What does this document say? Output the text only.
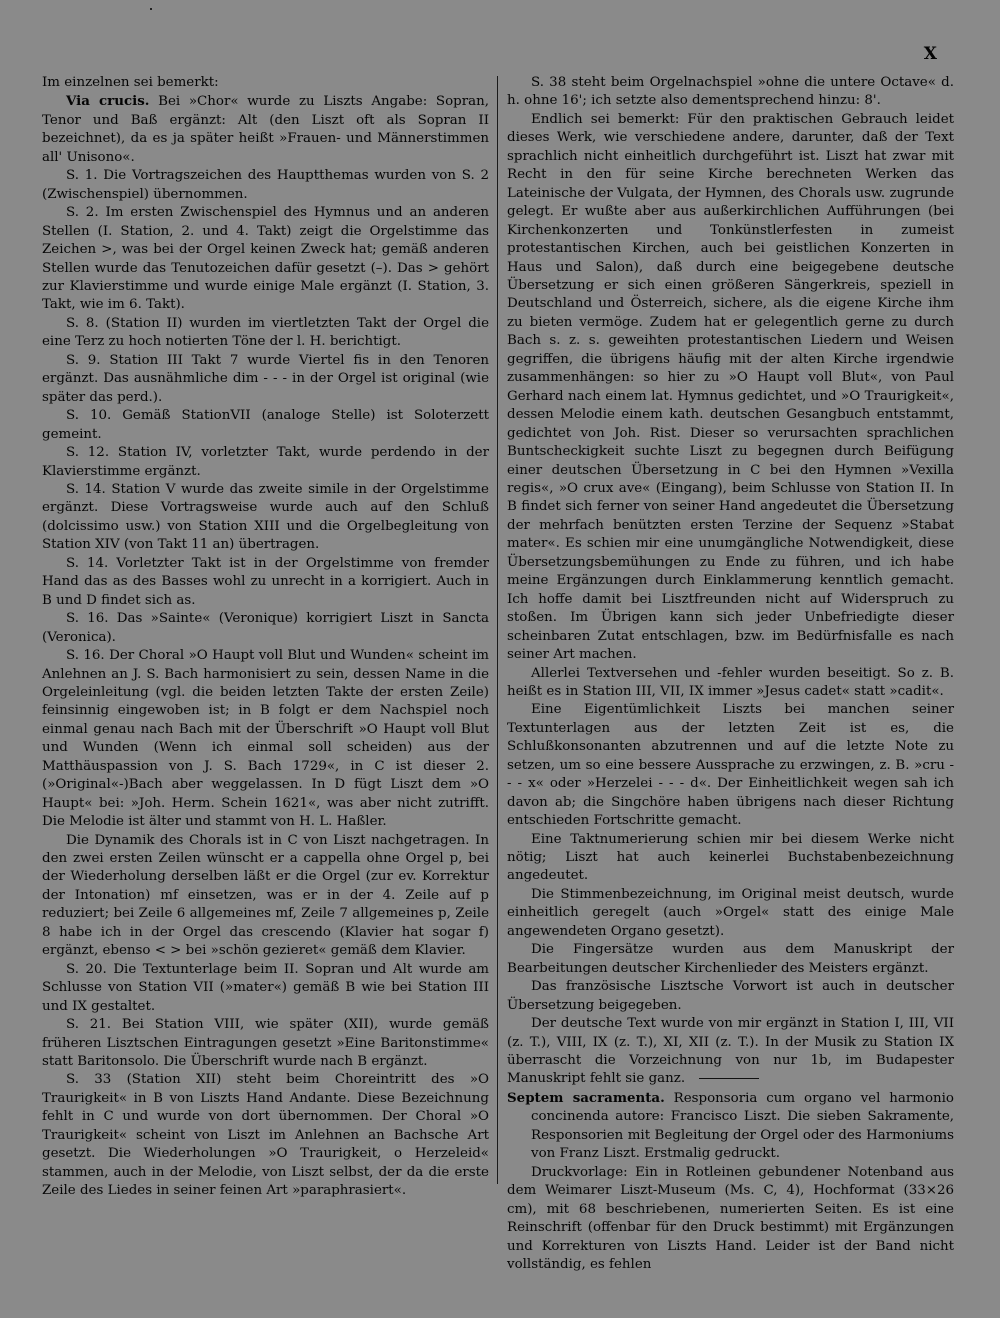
X

Im einzelnen sei bemerkt:

Via crucis. Bei »Chor« wurde zu Liszts Angabe: Sopran, Tenor und Baß ergänzt: Alt (den Liszt oft als Sopran II bezeichnet), da es ja später heißt »Frauen- und Männerstimmen all' Unisono«.

S. 1. Die Vortragszeichen des Hauptthemas wurden von S. 2 (Zwischenspiel) übernommen.

S. 2. Im ersten Zwischenspiel des Hymnus und an anderen Stellen (I. Station, 2. und 4. Takt) zeigt die Orgelstimme das Zeichen >, was bei der Orgel keinen Zweck hat; gemäß anderen Stellen wurde das Tenutozeichen dafür gesetzt (–). Das > gehört zur Klavierstimme und wurde einige Male ergänzt (I. Station, 3. Takt, wie im 6. Takt).

S. 8. (Station II) wurden im viertletzten Takt der Orgel die eine Terz zu hoch notierten Töne der l. H. berichtigt.

S. 9. Station III Takt 7 wurde Viertel fis in den Tenoren ergänzt. Das ausnähmliche dim - - - in der Orgel ist original (wie später das perd.).

S. 10. Gemäß StationVII (analoge Stelle) ist Soloterzett gemeint.

S. 12. Station IV, vorletzter Takt, wurde perdendo in der Klavierstimme ergänzt.

S. 14. Station V wurde das zweite simile in der Orgelstimme ergänzt. Diese Vortragsweise wurde auch auf den Schluß (dolcissimo usw.) von Station XIII und die Orgelbegleitung von Station XIV (von Takt 11 an) übertragen.

S. 14. Vorletzter Takt ist in der Orgelstimme von fremder Hand das as des Basses wohl zu unrecht in a korrigiert. Auch in B und D findet sich as.

S. 16. Das »Sainte« (Veronique) korrigiert Liszt in Sancta (Veronica).

S. 16. Der Choral »O Haupt voll Blut und Wunden« scheint im Anlehnen an J. S. Bach harmonisiert zu sein, dessen Name in die Orgeleinleitung (vgl. die beiden letzten Takte der ersten Zeile) feinsinnig eingewoben ist; in B folgt er dem Nachspiel noch einmal genau nach Bach mit der Überschrift »O Haupt voll Blut und Wunden (Wenn ich einmal soll scheiden) aus der Matthäuspassion von J. S. Bach 1729«, in C ist dieser 2. (»Original«-)Bach aber weggelassen. In D fügt Liszt dem »O Haupt« bei: »Joh. Herm. Schein 1621«, was aber nicht zutrifft. Die Melodie ist älter und stammt von H. L. Haßler.

Die Dynamik des Chorals ist in C von Liszt nachgetragen. In den zwei ersten Zeilen wünscht er a cappella ohne Orgel p, bei der Wiederholung derselben läßt er die Orgel (zur ev. Korrektur der Intonation) mf einsetzen, was er in der 4. Zeile auf p reduziert; bei Zeile 6 allgemeines mf, Zeile 7 allgemeines p, Zeile 8 habe ich in der Orgel das crescendo (Klavier hat sogar f) ergänzt, ebenso < > bei »schön gezieret« gemäß dem Klavier.

S. 20. Die Textunterlage beim II. Sopran und Alt wurde am Schlusse von Station VII (»mater«) gemäß B wie bei Station III und IX gestaltet.

S. 21. Bei Station VIII, wie später (XII), wurde gemäß früheren Lisztschen Eintragungen gesetzt »Eine Baritonstimme« statt Baritonsolo. Die Überschrift wurde nach B ergänzt.

S. 33 (Station XII) steht beim Choreintritt des »O Traurigkeit« in B von Liszts Hand Andante. Diese Bezeichnung fehlt in C und wurde von dort übernommen. Der Choral »O Traurigkeit« scheint von Liszt im Anlehnen an Bachsche Art gesetzt. Die Wiederholungen »O Traurigkeit, o Herzeleid« stammen, auch in der Melodie, von Liszt selbst, der da die erste Zeile des Liedes in seiner feinen Art »paraphrasiert«.

S. 38 steht beim Orgelnachspiel »ohne die untere Octave« d. h. ohne 16'; ich setzte also dementsprechend hinzu: 8'.

Endlich sei bemerkt: Für den praktischen Gebrauch leidet dieses Werk, wie verschiedene andere, darunter, daß der Text sprachlich nicht einheitlich durchgeführt ist. Liszt hat zwar mit Recht in den für seine Kirche berechneten Werken das Lateinische der Vulgata, der Hymnen, des Chorals usw. zugrunde gelegt. Er wußte aber aus außerkirchlichen Aufführungen (bei Kirchenkonzerten und Tonkünstlerfesten in zumeist protestantischen Kirchen, auch bei geistlichen Konzerten in Haus und Salon), daß durch eine beigegebene deutsche Übersetzung er sich einen größeren Sängerkreis, speziell in Deutschland und Österreich, sichere, als die eigene Kirche ihm zu bieten vermöge. Zudem hat er gelegentlich gerne zu durch Bach s. z. s. geweihten protestantischen Liedern und Weisen gegriffen, die übrigens häufig mit der alten Kirche irgendwie zusammenhängen: so hier zu »O Haupt voll Blut«, von Paul Gerhard nach einem lat. Hymnus gedichtet, und »O Traurigkeit«, dessen Melodie einem kath. deutschen Gesangbuch entstammt, gedichtet von Joh. Rist. Dieser so verursachten sprachlichen Buntscheckigkeit suchte Liszt zu begegnen durch Beifügung einer deutschen Übersetzung in C bei den Hymnen »Vexilla regis«, »O crux ave« (Eingang), beim Schlusse von Station II. In B findet sich ferner von seiner Hand angedeutet die Übersetzung der mehrfach benützten ersten Terzine der Sequenz »Stabat mater«. Es schien mir eine unumgängliche Notwendigkeit, diese Übersetzungsbemühungen zu Ende zu führen, und ich habe meine Ergänzungen durch Einklammerung kenntlich gemacht. Ich hoffe damit bei Lisztfreunden nicht auf Widerspruch zu stoßen. Im Übrigen kann sich jeder Unbefriedigte dieser scheinbaren Zutat entschlagen, bzw. im Bedürfnisfalle es nach seiner Art machen.

Allerlei Textversehen und -fehler wurden beseitigt. So z. B. heißt es in Station III, VII, IX immer »Jesus cadet« statt »cadit«.

Eine Eigentümlichkeit Liszts bei manchen seiner Textunterlagen aus der letzten Zeit ist es, die Schlußkonsonanten abzutrennen und auf die letzte Note zu setzen, um so eine bessere Aussprache zu erzwingen, z. B. »cru - - - x« oder »Herzelei - - - d«. Der Einheitlichkeit wegen sah ich davon ab; die Singchöre haben übrigens nach dieser Richtung entschieden Fortschritte gemacht.

Eine Taktnumerierung schien mir bei diesem Werke nicht nötig; Liszt hat auch keinerlei Buchstabenbezeichnung angedeutet.

Die Stimmenbezeichnung, im Original meist deutsch, wurde einheitlich geregelt (auch »Orgel« statt des einige Male angewendeten Organo gesetzt).

Die Fingersätze wurden aus dem Manuskript der Bearbeitungen deutscher Kirchenlieder des Meisters ergänzt.

Das französische Lisztsche Vorwort ist auch in deutscher Übersetzung beigegeben.

Der deutsche Text wurde von mir ergänzt in Station I, III, VII (z. T.), VIII, IX (z. T.), XI, XII (z. T.). In der Musik zu Station IX überrascht die Vorzeichnung von nur 1b, im Budapester Manuskript fehlt sie ganz.

Septem sacramenta. Responsoria cum organo vel harmonio concinenda autore: Francisco Liszt. Die sieben Sakramente, Responsorien mit Begleitung der Orgel oder des Harmoniums von Franz Liszt. Erstmalig gedruckt.

Druckvorlage: Ein in Rotleinen gebundener Notenband aus dem Weimarer Liszt-Museum (Ms. C, 4), Hochformat (33×26 cm), mit 68 beschriebenen, numerierten Seiten. Es ist eine Reinschrift (offenbar für den Druck bestimmt) mit Ergänzungen und Korrekturen von Liszts Hand. Leider ist der Band nicht vollständig, es fehlen
